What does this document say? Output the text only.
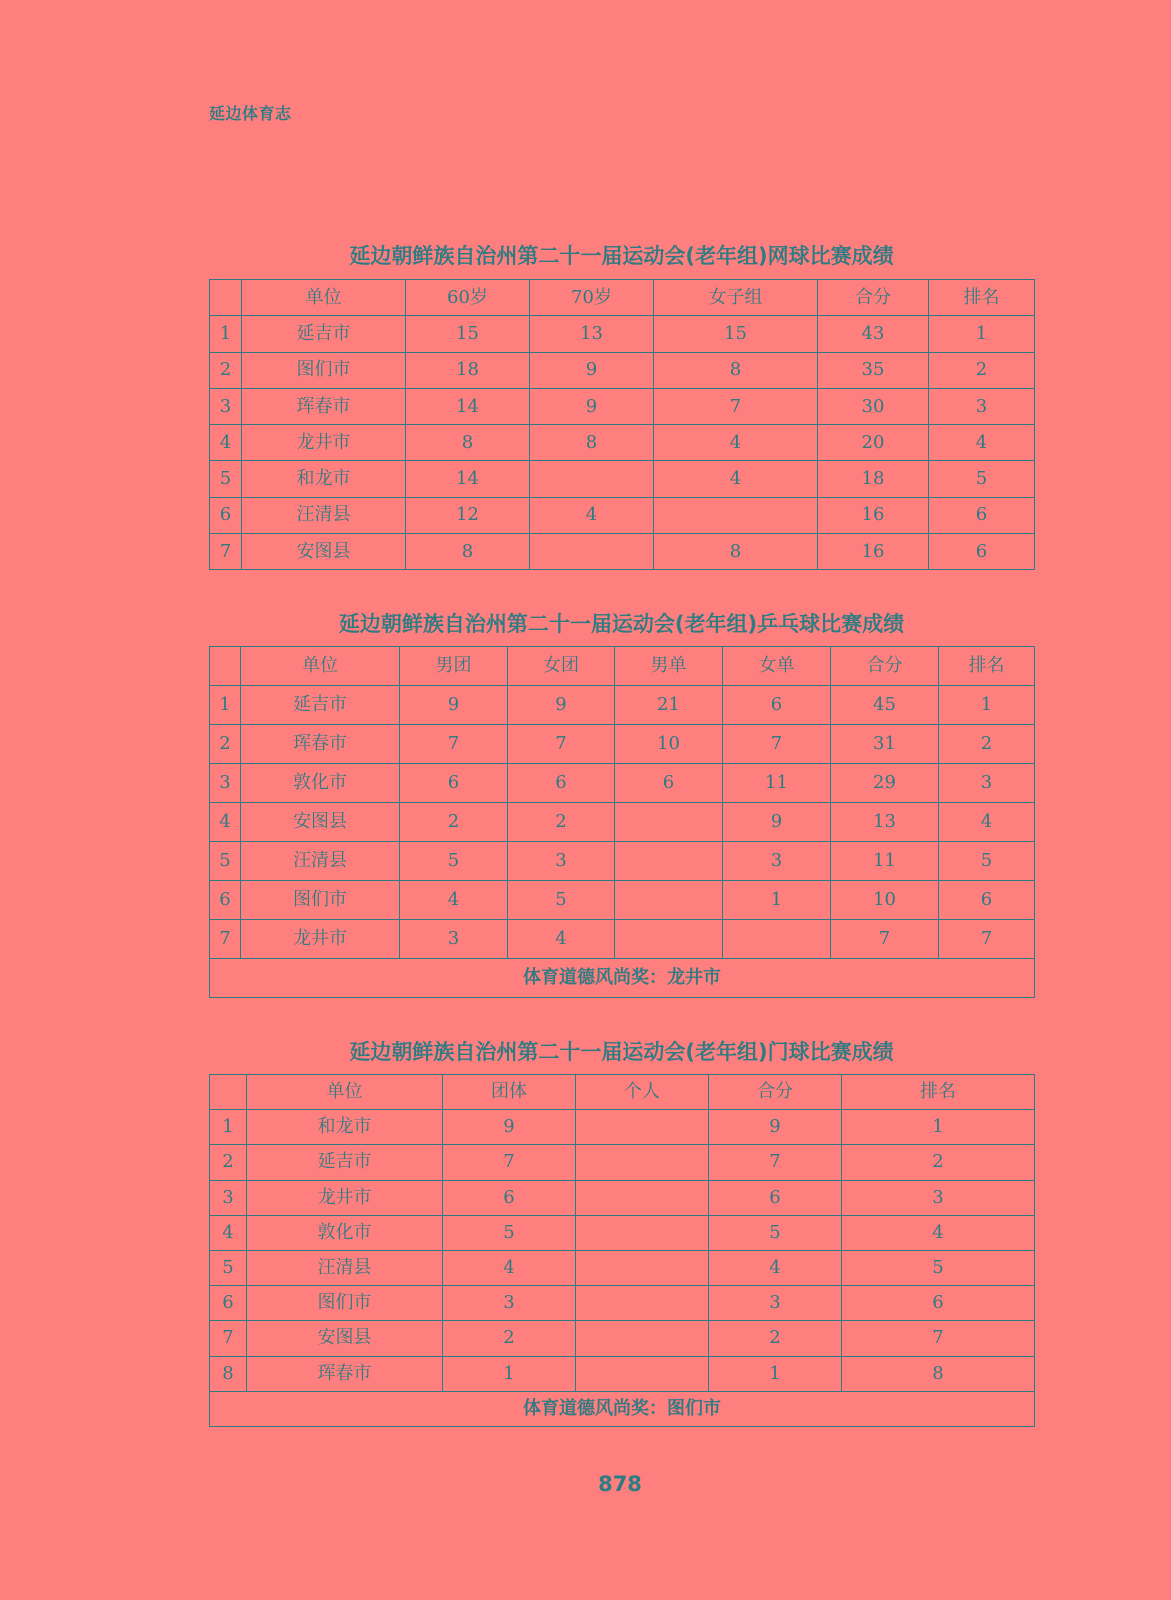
延边体育志
延边朝鲜族自治州第二十一届运动会(老年组)网球比赛成绩
	单位	60岁	70岁	女子组	合分	排名
1	延吉市	15	13	15	43	1
2	图们市	18	9	8	35	2
3	珲春市	14	9	7	30	3
4	龙井市	8	8	4	20	4
5	和龙市	14		4	18	5
6	汪清县	12	4		16	6
7	安图县	8		8	16	6
延边朝鲜族自治州第二十一届运动会(老年组)乒乓球比赛成绩
	单位	男团	女团	男单	女单	合分	排名
1	延吉市	9	9	21	6	45	1
2	珲春市	7	7	10	7	31	2
3	敦化市	6	6	6	11	29	3
4	安图县	2	2		9	13	4
5	汪清县	5	3		3	11	5
6	图们市	4	5		1	10	6
7	龙井市	3	4			7	7
体育道德风尚奖：龙井市							
延边朝鲜族自治州第二十一届运动会(老年组)门球比赛成绩
	单位	团体	个人	合分	排名
1	和龙市	9		9	1
2	延吉市	7		7	2
3	龙井市	6		6	3
4	敦化市	5		5	4
5	汪清县	4		4	5
6	图们市	3		3	6
7	安图县	2		2	7
8	珲春市	1		1	8
体育道德风尚奖：图们市					
878
